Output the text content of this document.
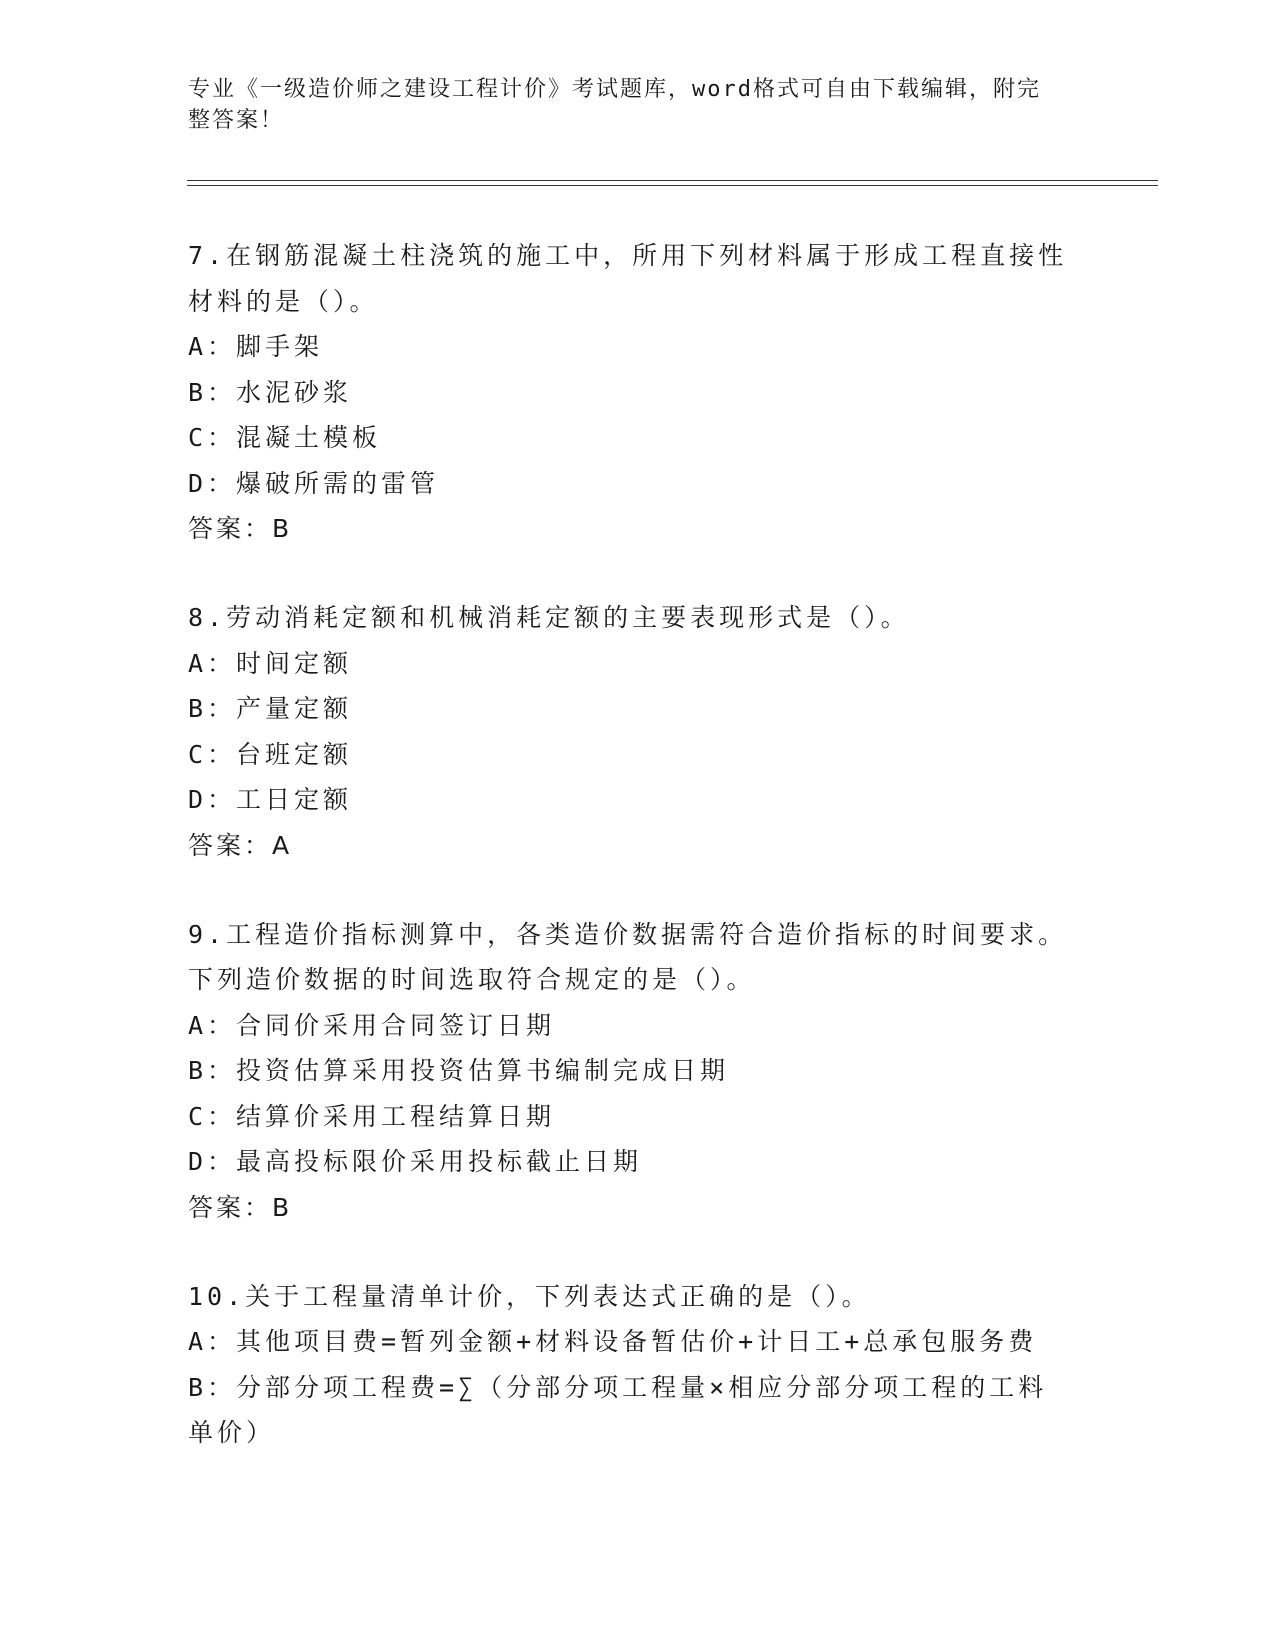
专业《一级造价师之建设工程计价》考试题库，word格式可自由下载编辑，附完
整答案！
7.在钢筋混凝土柱浇筑的施工中，所用下列材料属于形成工程直接性
材料的是（）。
A：脚手架
B：水泥砂浆
C：混凝土模板
D：爆破所需的雷管
答案：B
8.劳动消耗定额和机械消耗定额的主要表现形式是（）。
A：时间定额
B：产量定额
C：台班定额
D：工日定额
答案：A
9.工程造价指标测算中，各类造价数据需符合造价指标的时间要求。
下列造价数据的时间选取符合规定的是（）。
A：合同价采用合同签订日期
B：投资估算采用投资估算书编制完成日期
C：结算价采用工程结算日期
D：最高投标限价采用投标截止日期
答案：B
10.关于工程量清单计价，下列表达式正确的是（）。
A：其他项目费=暂列金额+材料设备暂估价+计日工+总承包服务费
B：分部分项工程费=∑（分部分项工程量×相应分部分项工程的工料
单价）
